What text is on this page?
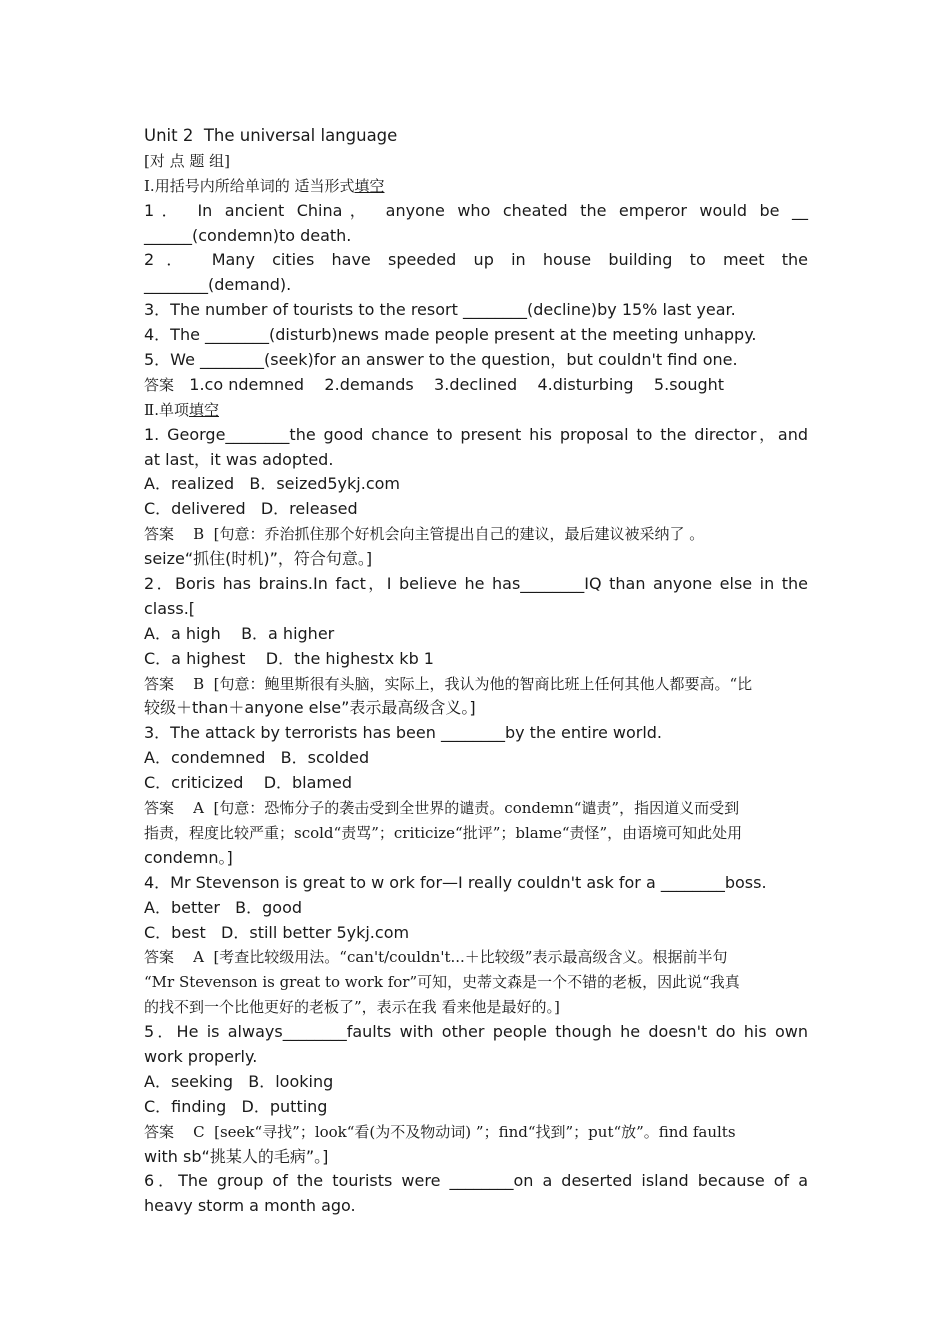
Unit 2  The universal language
[对 点 题 组]
Ⅰ.用括号内所给单词的 适当形式填空
1． In ancient China， anyone who cheated the emperor would be __
______(condemn)to death.
2． Many cities have speeded up in house building to meet the
________(demand).
3．The number of tourists to the resort ________(decline)by 15% last year.
4．The ________(disturb)news made people present at the meeting unhappy.
5．We ________(seek)for an answer to the question，but couldn't find one.
答案   1.co ndemned    2.demands    3.declined    4.disturbing    5.sought
Ⅱ.单项填空
1. George________the good chance to present his proposal to the director，and
at last，it was adopted.
A．realized   B．seized5ykj.com
C．delivered   D．released
答案    B  [句意：乔治抓住那个好机会向主管提出自己的建议，最后建议被采纳了 。
seize“抓住(时机)”，符合句意。]
2．Boris has brains.In fact，I believe he has________IQ than anyone else in the
class.[
A．a high    B．a higher
C．a highest    D．the highestx kb 1
答案    B  [句意：鲍里斯很有头脑，实际上，我认为他的智商比班上任何其他人都要高。“比
较级＋than＋anyone else”表示最高级含义。]
3．The attack by terrorists has been ________by the entire world.
A．condemned   B．scolded
C．criticized    D．blamed
答案    A  [句意：恐怖分子的袭击受到全世界的谴责。condemn“谴责”，指因道义而受到
指责，程度比较严重；scold“责骂”；criticize“批评”；blame“责怪”，由语境可知此处用
condemn。]
4．Mr Stevenson is great to w ork for—I really couldn't ask for a ________boss.
A．better   B．good
C．best   D．still better 5ykj.com
答案    A  [考查比较级用法。“can't/couldn't...＋比较级”表示最高级含义。根据前半句
“Mr Stevenson is great to work for”可知，史蒂文森是一个不错的老板，因此说“我真
的找不到一个比他更好的老板了”，表示在我 看来他是最好的。]
5．He is always________faults with other people though he doesn't do his own
work properly.
A．seeking   B．looking
C．finding   D．putting
答案    C  [seek“寻找”；look“看(为不及物动词) ”；find“找到”；put“放”。find faults
with sb“挑某人的毛病”。]
6．The group of the tourists were ________on a deserted island because of a
heavy storm a month ago.
